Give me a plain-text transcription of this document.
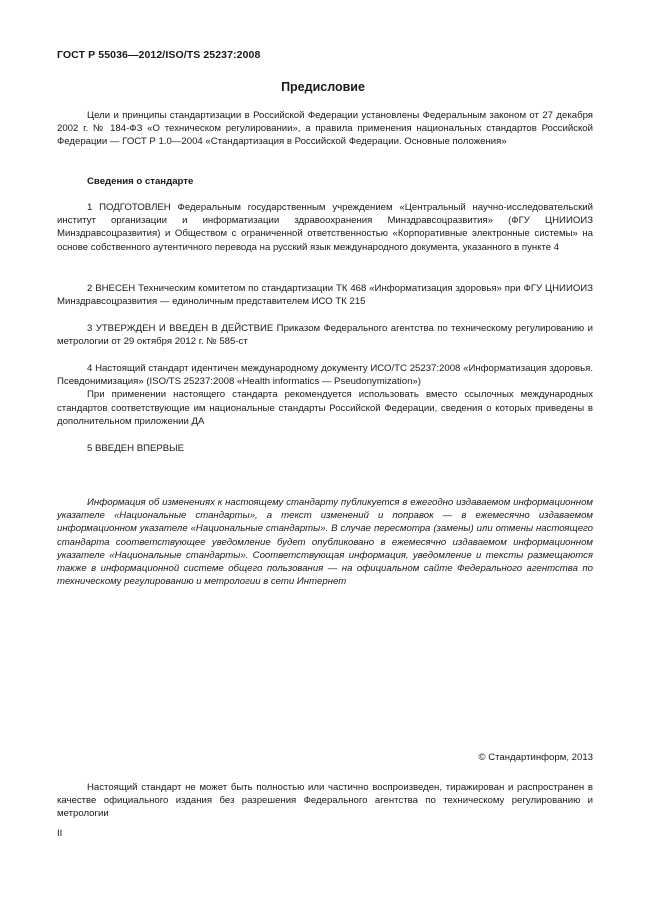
ГОСТ Р 55036—2012/ISO/TS 25237:2008
Предисловие

Цели и принципы стандартизации в Российской Федерации установлены Федеральным законом от 27 декабря 2002 г. № 184-ФЗ «О техническом регулировании», а правила применения национальных стандартов Российской Федерации — ГОСТ Р 1.0—2004 «Стандартизация в Российской Федерации. Основные положения»

Сведения о стандарте

1 ПОДГОТОВЛЕН Федеральным государственным учреждением «Центральный научно-исследовательский институт организации и информатизации здравоохранения Минздравсоцразвития» (ФГУ ЦНИИОИЗ Минздравсоцразвития) и Обществом с ограниченной ответственностью «Корпоративные электронные системы» на основе собственного аутентичного перевода на русский язык международного документа, указанного в пункте 4

2 ВНЕСЕН Техническим комитетом по стандартизации ТК 468 «Информатизация здоровья» при ФГУ ЦНИИОИЗ Минздравсоцразвития — единоличным представителем ИСО ТК 215

3 УТВЕРЖДЕН И ВВЕДЕН В ДЕЙСТВИЕ Приказом Федерального агентства по техническому регулированию и метрологии от 29 октября 2012 г. № 585-ст

4 Настоящий стандарт идентичен международному документу ИСО/ТС 25237:2008 «Информатизация здоровья. Псевдонимизация» (ISO/TS 25237:2008 «Health informatics — Pseudonymization»)

При применении настоящего стандарта рекомендуется использовать вместо ссылочных международных стандартов соответствующие им национальные стандарты Российской Федерации, сведения о которых приведены в дополнительном приложении ДА

5 ВВЕДЕН ВПЕРВЫЕ

Информация об изменениях к настоящему стандарту публикуется в ежегодно издаваемом информационном указателе «Национальные стандарты», а текст изменений и поправок — в ежемесячно издаваемом информационном указателе «Национальные стандарты». В случае пересмотра (замены) или отмены настоящего стандарта соответствующее уведомление будет опубликовано в ежемесячно издаваемом информационном указателе «Национальные стандарты». Соответствующая информация, уведомление и тексты размещаются также в информационной системе общего пользования — на официальном сайте Федерального агентства по техническому регулированию и метрологии в сети Интернет

© Стандартинформ, 2013

Настоящий стандарт не может быть полностью или частично воспроизведен, тиражирован и распространен в качестве официального издания без разрешения Федерального агентства по техническому регулированию и метрологии

II
